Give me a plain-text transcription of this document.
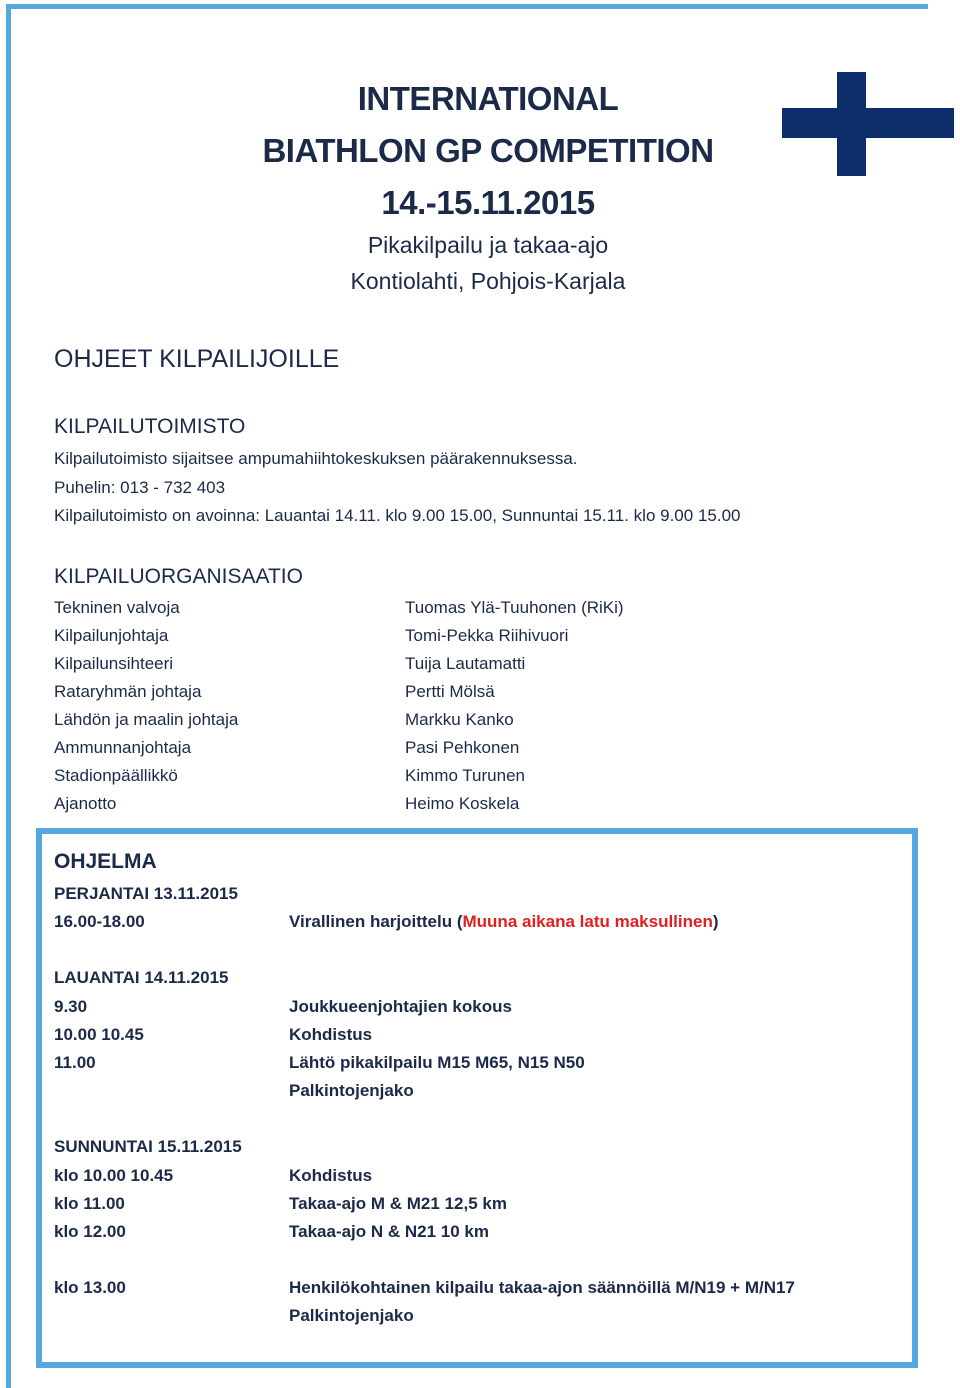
INTERNATIONAL
BIATHLON GP COMPETITION
14.-15.11.2015
Pikakilpailu ja takaa-ajo
Kontiolahti, Pohjois-Karjala
OHJEET KILPAILIJOILLE
KILPAILUTOIMISTO
Kilpailutoimisto sijaitsee ampumahiihtokeskuksen päärakennuksessa.
Puhelin: 013 - 732 403
Kilpailutoimisto on avoinna: Lauantai 14.11. klo 9.00 15.00, Sunnuntai 15.11. klo 9.00 15.00
KILPAILUORGANISAATIO
Tekninen valvoja	Tuomas Ylä-Tuuhonen (RiKi)
Kilpailunjohtaja	Tomi-Pekka Riihivuori
Kilpailunsihteeri	Tuija Lautamatti
Rataryhmän johtaja	Pertti Mölsä
Lähdön ja maalin johtaja	Markku Kanko
Ammunnanjohtaja	Pasi Pehkonen
Stadionpäällikkö	Kimmo Turunen
Ajanotto	Heimo Koskela
OHJELMA
PERJANTAI 13.11.2015
16.00-18.00	Virallinen harjoittelu (Muuna aikana latu maksullinen)
LAUANTAI 14.11.2015
9.30	Joukkueenjohtajien kokous
10.00 10.45	Kohdistus
11.00	Lähtö pikakilpailu M15 M65, N15 N50
Palkintojenjako
SUNNUNTAI 15.11.2015
klo 10.00 10.45	Kohdistus
klo 11.00	Takaa-ajo M & M21 12,5 km
klo 12.00	Takaa-ajo N & N21 10 km
klo 13.00	Henkilökohtainen kilpailu takaa-ajon säännöillä M/N19 + M/N17
Palkintojenjako
